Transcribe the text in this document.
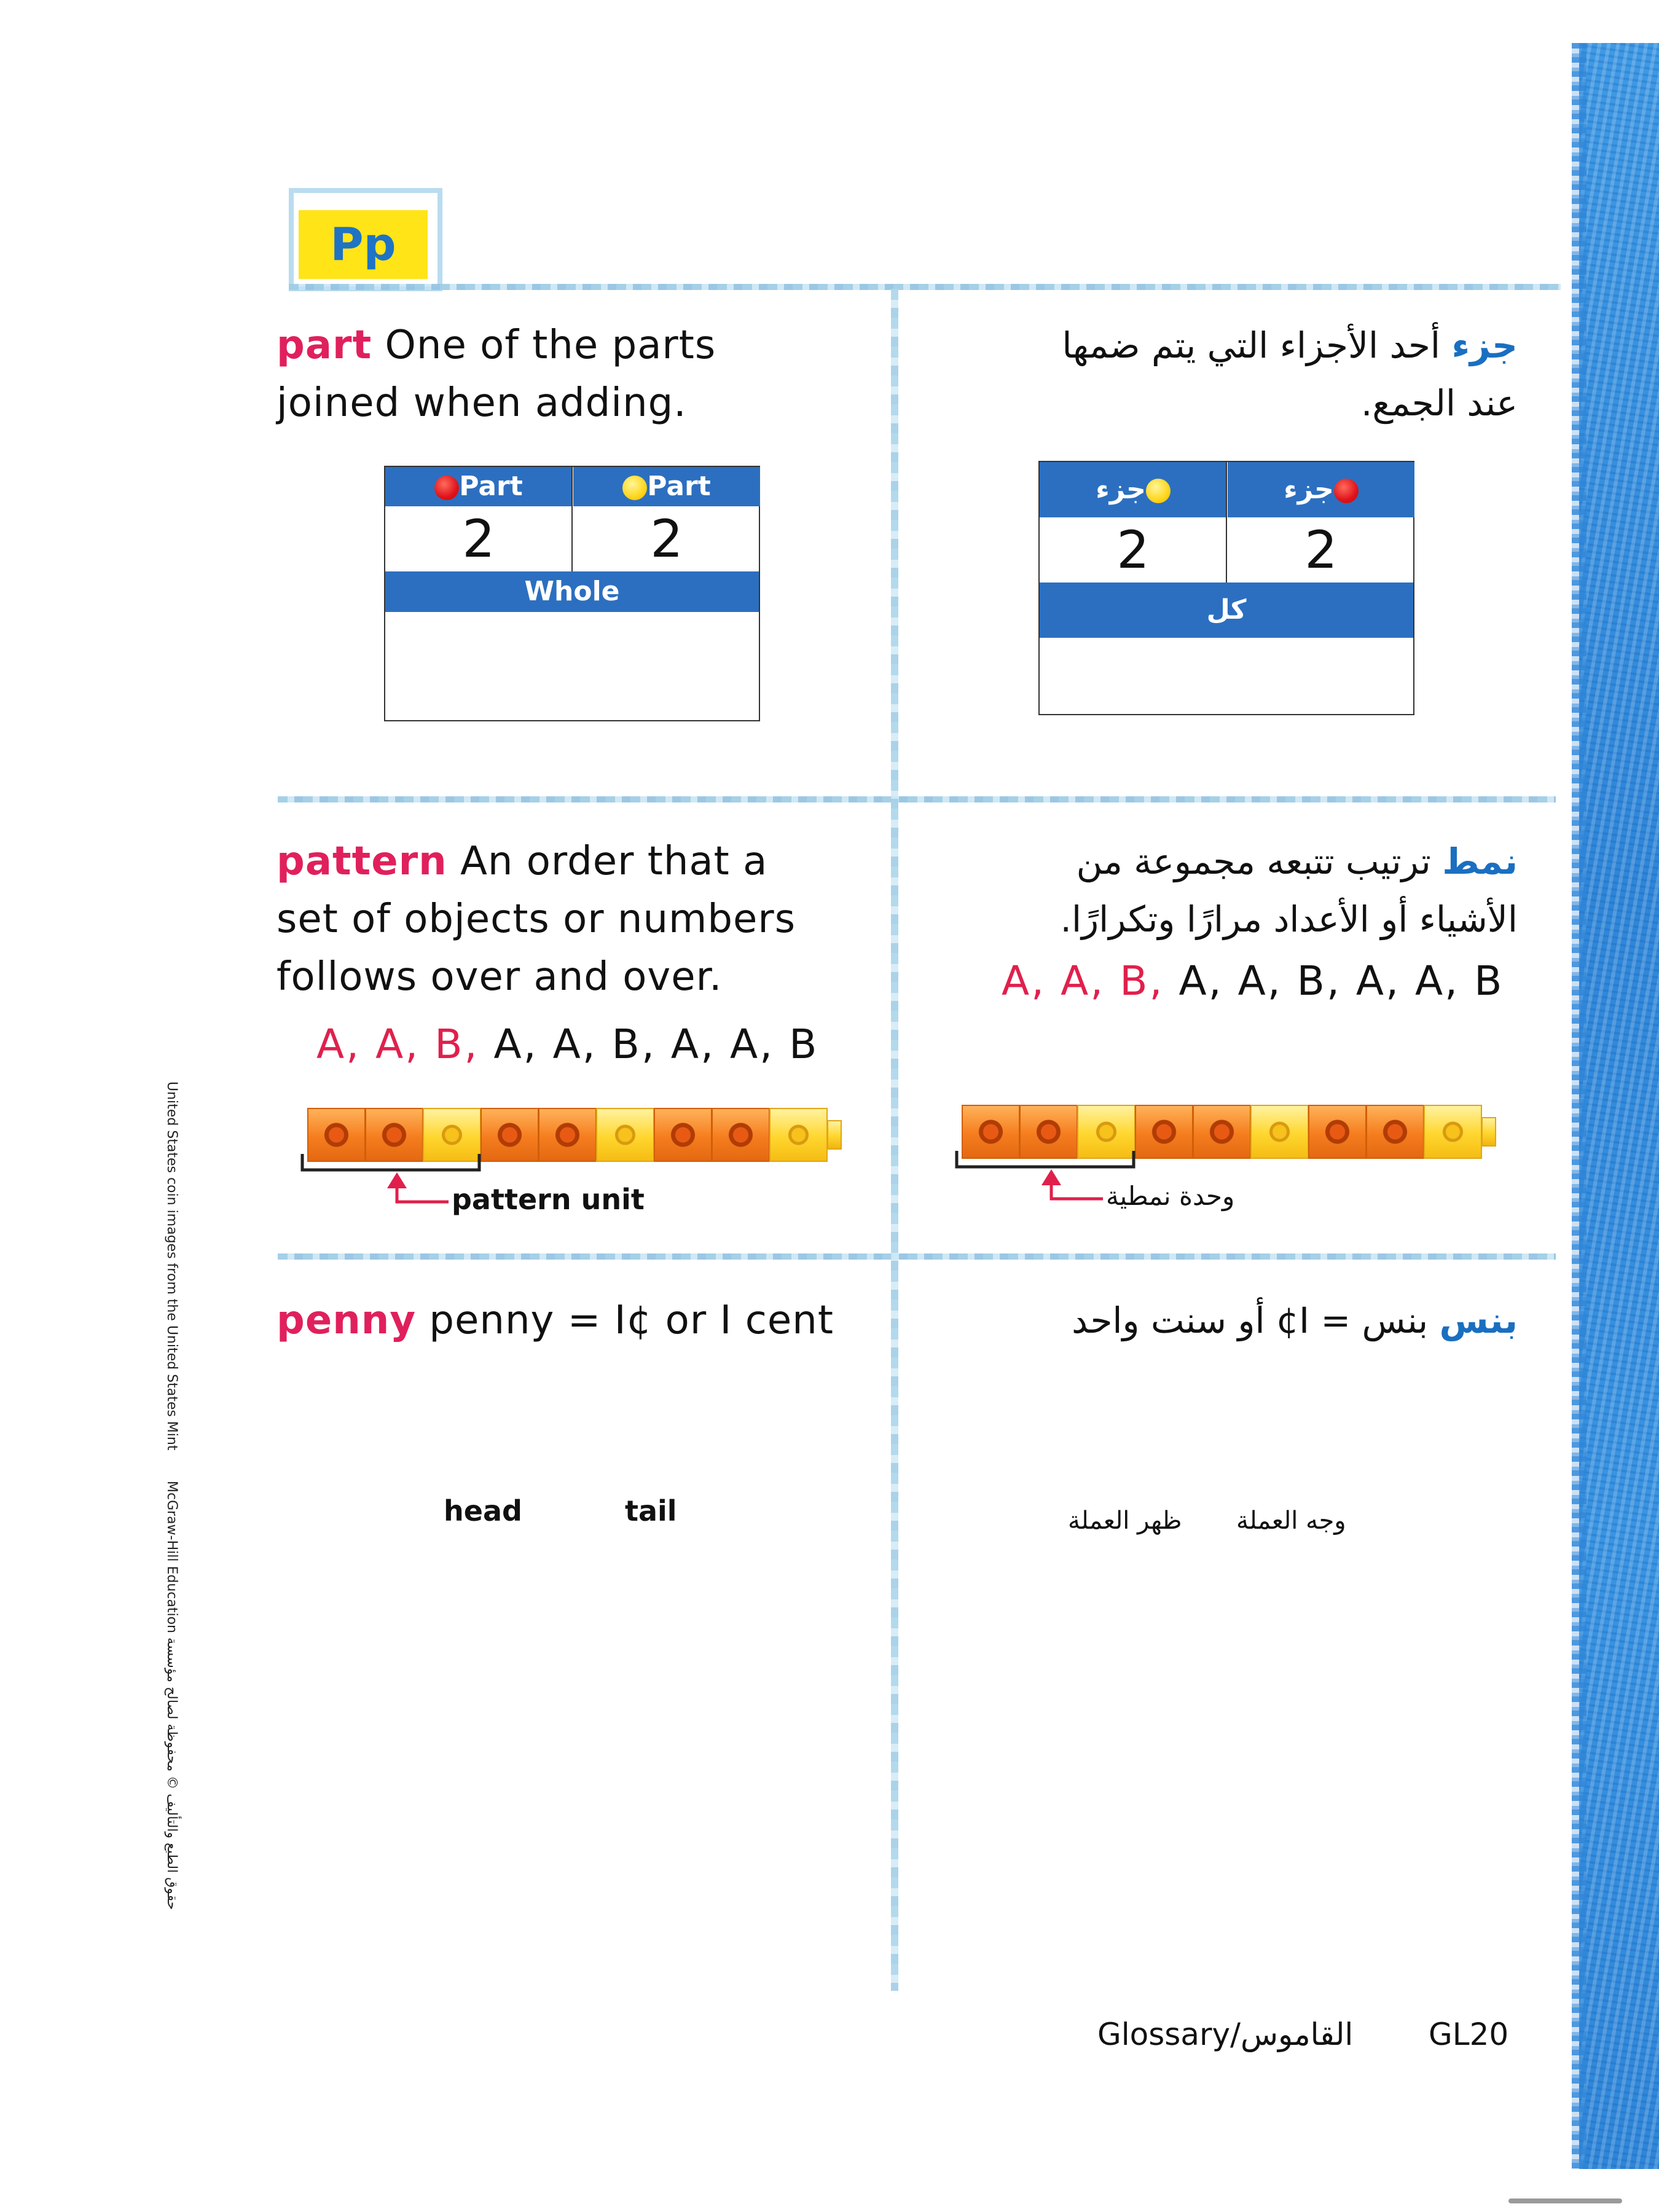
Pp
part One of the parts
joined when adding.
Part	Part
2	2
Whole
جزء أحد الأجزاء التي يتم ضمها
عند الجمع.
جزء	جزء
2	2
كل
pattern An order that a
set of objects or numbers
follows over and over.
A, A, B, A, A, B, A, A, B
pattern unit
نمط ترتيب تتبعه مجموعة من
الأشياء أو الأعداد مرارًا وتكرارًا.
A, A, B, A, A, B, A, A, B
وحدة نمطية
penny penny = I¢ or I cent	بنس بنس = I¢ أو سنت واحد
head	tail	ظهر العملة وجه العملة
United States coin images from the United States Mint
McGraw-Hill Education حقوق الطبع والتأليف © محفوظة لصالح مؤسسة
Glossary/القاموس GL20
